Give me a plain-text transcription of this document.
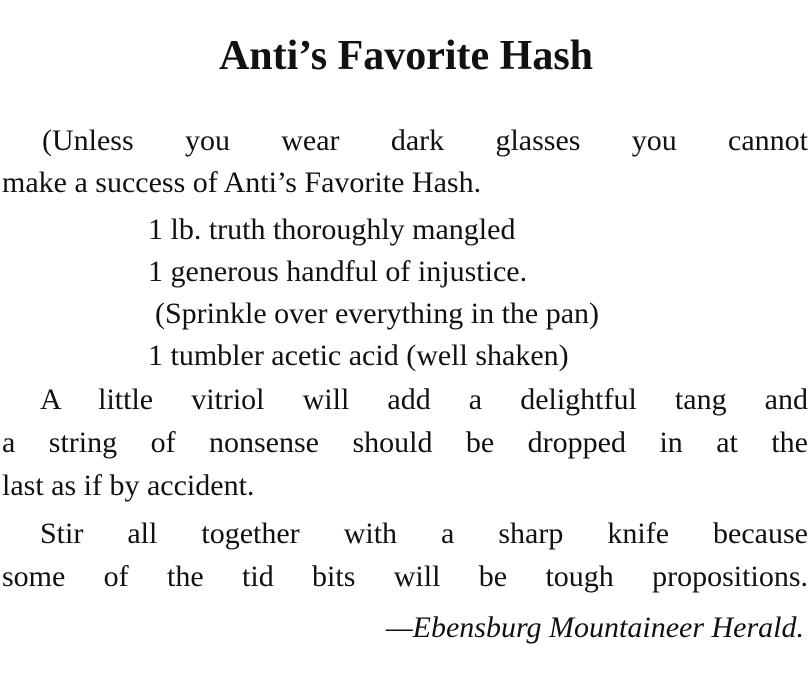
Anti’s Favorite Hash
(Unless you wear dark glasses you cannot
make a success of Anti’s Favorite Hash.
1 lb. truth thoroughly mangled
1 generous handful of injustice.
(Sprinkle over everything in the pan)
1 tumbler acetic acid (well shaken)
A little vitriol will add a delightful tang and
a string of nonsense should be dropped in at the
last as if by accident.
Stir all together with a sharp knife because
some of the tid bits will be tough propositions.
—Ebensburg Mountaineer Herald.
